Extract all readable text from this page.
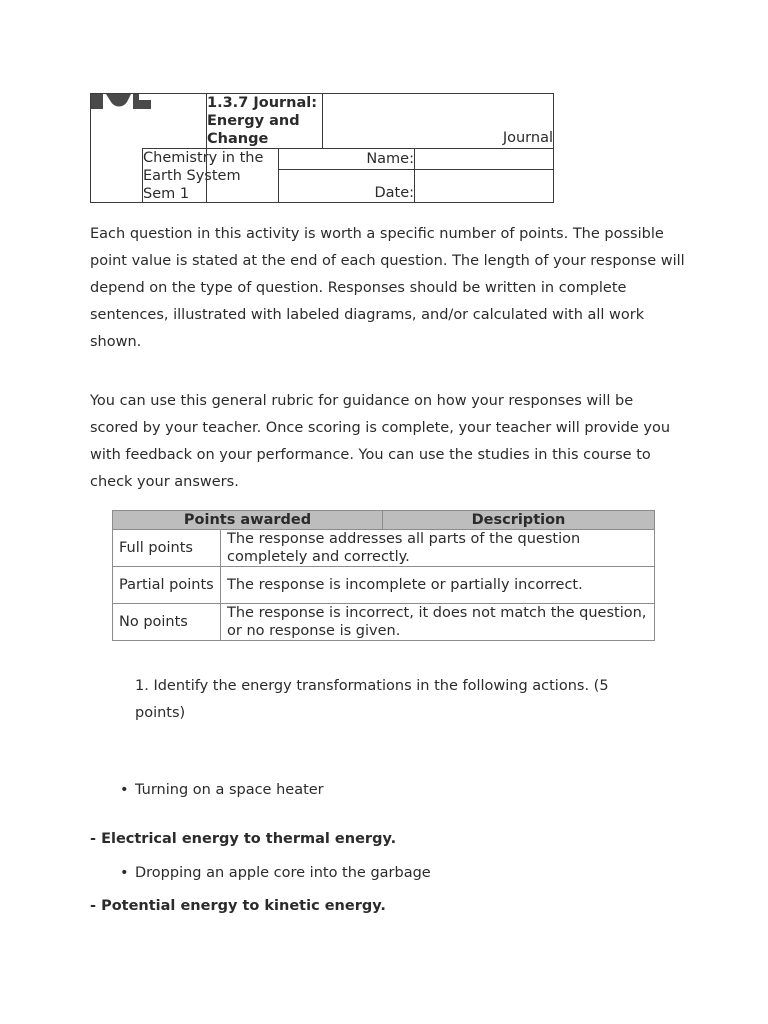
1.3.7 Journal: Energy and Change	Journal
Chemistry in the Earth System
Sem 1
Name:
Date:

Each question in this activity is worth a specific number of points. The possible point value is stated at the end of each question. The length of your response will depend on the type of question. Responses should be written in complete sentences, illustrated with labeled diagrams, and/or calculated with all work shown.

You can use this general rubric for guidance on how your responses will be scored by your teacher. Once scoring is complete, your teacher will provide you with feedback on your performance. You can use the studies in this course to check your answers.

Points awarded		Description
Full points	The response addresses all parts of the question completely and correctly.	
Partial points	The response is incomplete or partially incorrect.	
No points	The response is incorrect, it does not match the question, or no response is given.	
1. Identify the energy transformations in the following actions. (5 points)
• Turning on a space heater
- Electrical energy to thermal energy.
• Dropping an apple core into the garbage
- Potential energy to kinetic energy.
